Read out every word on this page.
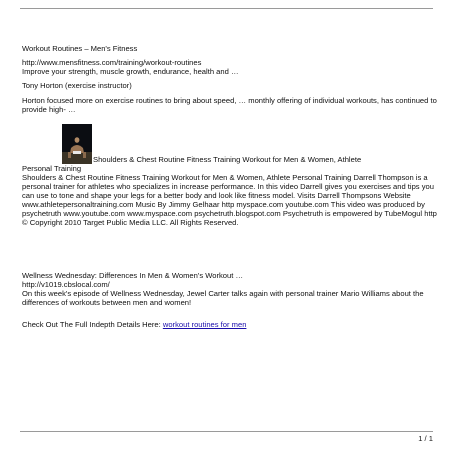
Workout Routines – Men's Fitness

http://www.mensfitness.com/training/workout-routines

Improve your strength, muscle growth, endurance, health and …

Tony Horton (exercise instructor)

Horton focused more on exercise routines to bring about speed, … monthly offering of individual workouts, has continued to provide high- …

Shoulders & Chest Routine Fitness Training Workout for Men & Women, Athlete

Personal Training

Shoulders & Chest Routine Fitness Training Workout for Men & Women, Athlete Personal Training Darrell Thompson is a personal trainer for athletes who specializes in increase performance. In this video Darrell gives you exercises and tips you can use to tone and shape your legs for a better body and look like fitness model. Visits Darrell Thompsons Website www.athletepersonaltraining.com Music By Jimmy Gelhaar http myspace.com youtube.com This video was produced by psychetruth www.youtube.com www.myspace.com psychetruth.blogspot.com Psychetruth is empowered by TubeMogul http © Copyright 2010 Target Public Media LLC. All Rights Reserved.

Wellness Wednesday: Differences In Men & Women's Workout …

http://v1019.cbslocal.com/

On this week's episode of Wellness Wednesday, Jewel Carter talks again with personal trainer Mario Williams about the differences of workouts between men and women!

Check Out The Full Indepth Details Here: workout routines for men

1 / 1
